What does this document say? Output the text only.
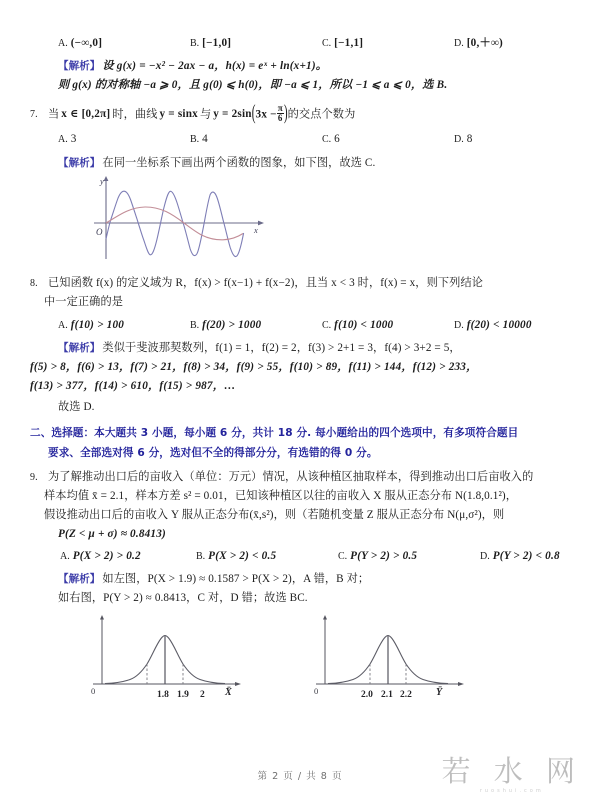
A. (−∞,0]	B. [−1,0]	C. [−1,1]	D. [0,＋∞)
【解析】 设 g(x) = −x² − 2ax − a，h(x) = eˣ + ln(x+1)。
则 g(x) 的对称轴 −a ⩾ 0，且 g(0) ⩽ h(0)，即 −a ⩽ 1，所以 −1 ⩽ a ⩽ 0，选 B.
7. 当 x ∈ [0,2π] 时，曲线 y = sinx 与 $y = 2\sin(3x - \frac{\pi}{6}$ )的交点个数为
A. 3	B. 4	C. 6	D. 8
【解析】 在同一坐标系下画出两个函数的图象，如下图，故选 C.
y
x
O
8. 已知函数 f(x) 的定义域为 R，f(x) > f(x−1) + f(x−2)，且当 x < 3 时，f(x) = x，则下列结论
中一定正确的是
A. f(10) > 100	B. f(20) > 1000	C. f(10) < 1000	D. f(20) < 10000
【解析】 类似于斐波那契数列，f(1) = 1，f(2) = 2，f(3) > 2+1 = 3，f(4) > 3+2 = 5，
f(5) > 8，f(6) > 13，f(7) > 21，f(8) > 34，f(9) > 55，f(10) > 89，f(11) > 144，f(12) > 233，
f(13) > 377，f(14) > 610，f(15) > 987，…
故选 D.
二、选择题：本大题共 3 小题，每小题 6 分，共计 18 分. 每小题给出的四个选项中，有多项符合题目
要求、全部选对得 6 分，选对但不全的得部分分，有选错的得 0 分。
9. 为了解推动出口后的亩收入（单位：万元）情况，从该种植区抽取样本，得到推动出口后亩收入的
样本均值 x̄ = 2.1，样本方差 s² = 0.01，已知该种植区以往的亩收入 X 服从正态分布 N(1.8,0.1²)，
假设推动出口后的亩收入 Y 服从正态分布(x̄,s²)，则（若随机变量 Z 服从正态分布 N(μ,σ²)，则
P(Z < μ + σ) ≈ 0.8413)
A. P(X > 2) > 0.2	B. P(X > 2) < 0.5	C. P(Y > 2) > 0.5	D. P(Y > 2) < 0.8
【解析】 如左图，P(X > 1.9) ≈ 0.1587 > P(X > 2)，A 错，B 对；
如右图，P(Y > 2) ≈ 0.8413，C 对，D 错；故选 BC.
0	1.8 1.9 2 X̄	0	2.0 2.1 2.2 Ȳ
第 2 页 / 共 8 页	若 水 网
ruoshui.com
